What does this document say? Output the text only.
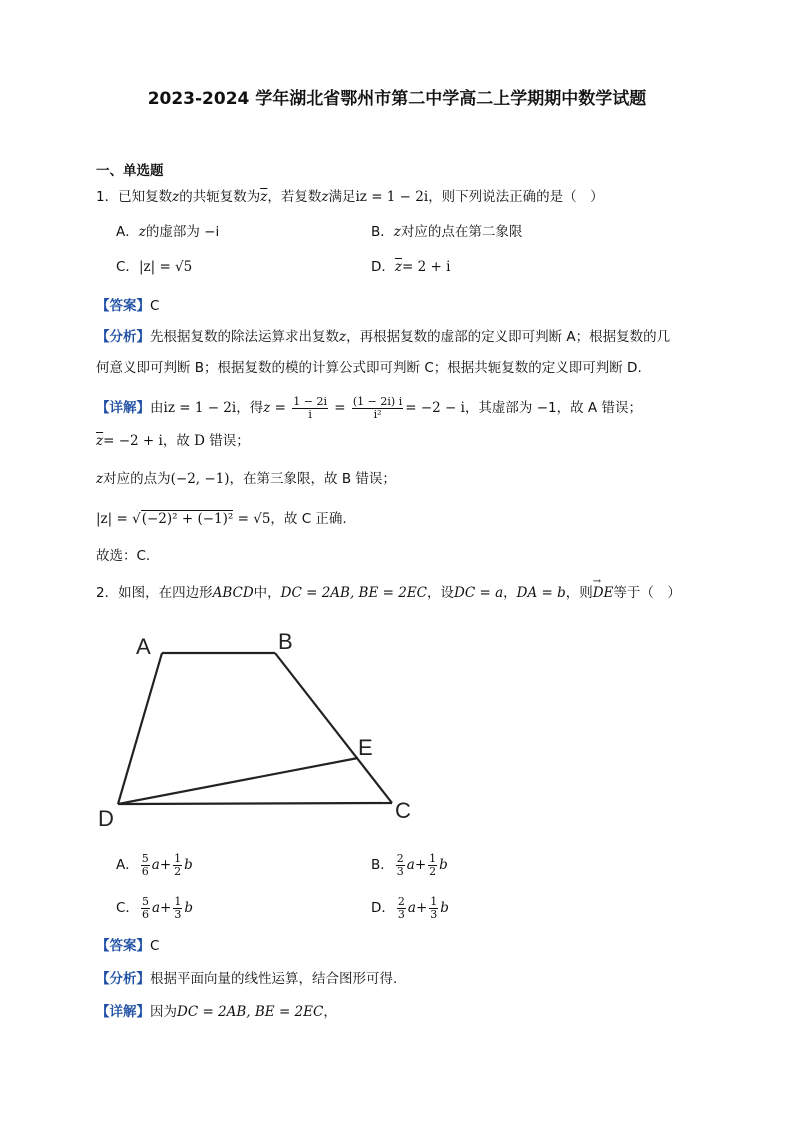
2023-2024 学年湖北省鄂州市第二中学高二上学期期中数学试题
一、单选题
1．已知复数z的共轭复数为$\overline{z}$，若复数z满足iz = 1 − 2i，则下列说法正确的是（　）
A．z的虚部为 −i	B．z对应的点在第二象限
C．|z| = √5	D．$\overline{z}= 2 + i$
【答案】C
【分析】先根据复数的除法运算求出复数z，再根据复数的虚部的定义即可判断 A；根据复数的几
何意义即可判断 B；根据复数的模的计算公式即可判断 C；根据共轭复数的定义即可判断 D.
【详解】由iz = 1 − 2i，得$z = \frac{1 - 2i}{i} = \frac{(1 - 2i) i}{\text{i²}} = -2 - i$，其虚部为 −1，故 A 错误；
$\overline{z}= -2 + i$，故 D 错误；
z对应的点为(−2, −1)，在第三象限，故 B 错误；
|z| = √(−2)² + (−1)² = √5，故 C 正确.
故选：C.
2．如图，在四边形ABCD中，DC = 2AB, BE = 2EC，设DC = a，DA = b，则→ DE等于（　）
A	B
C
D
E
A． $\frac{5}{6} a+ \frac{1}{2}$ b	B． $\frac{2}{3} a+ \frac{1}{2}$ b
C． $\frac{5}{6} a+ \frac{1}{3}$ b	D． $\frac{2}{3} a+ \frac{1}{3}$ b
【答案】C
【分析】根据平面向量的线性运算，结合图形可得.
【详解】因为DC = 2AB, BE = 2EC，
